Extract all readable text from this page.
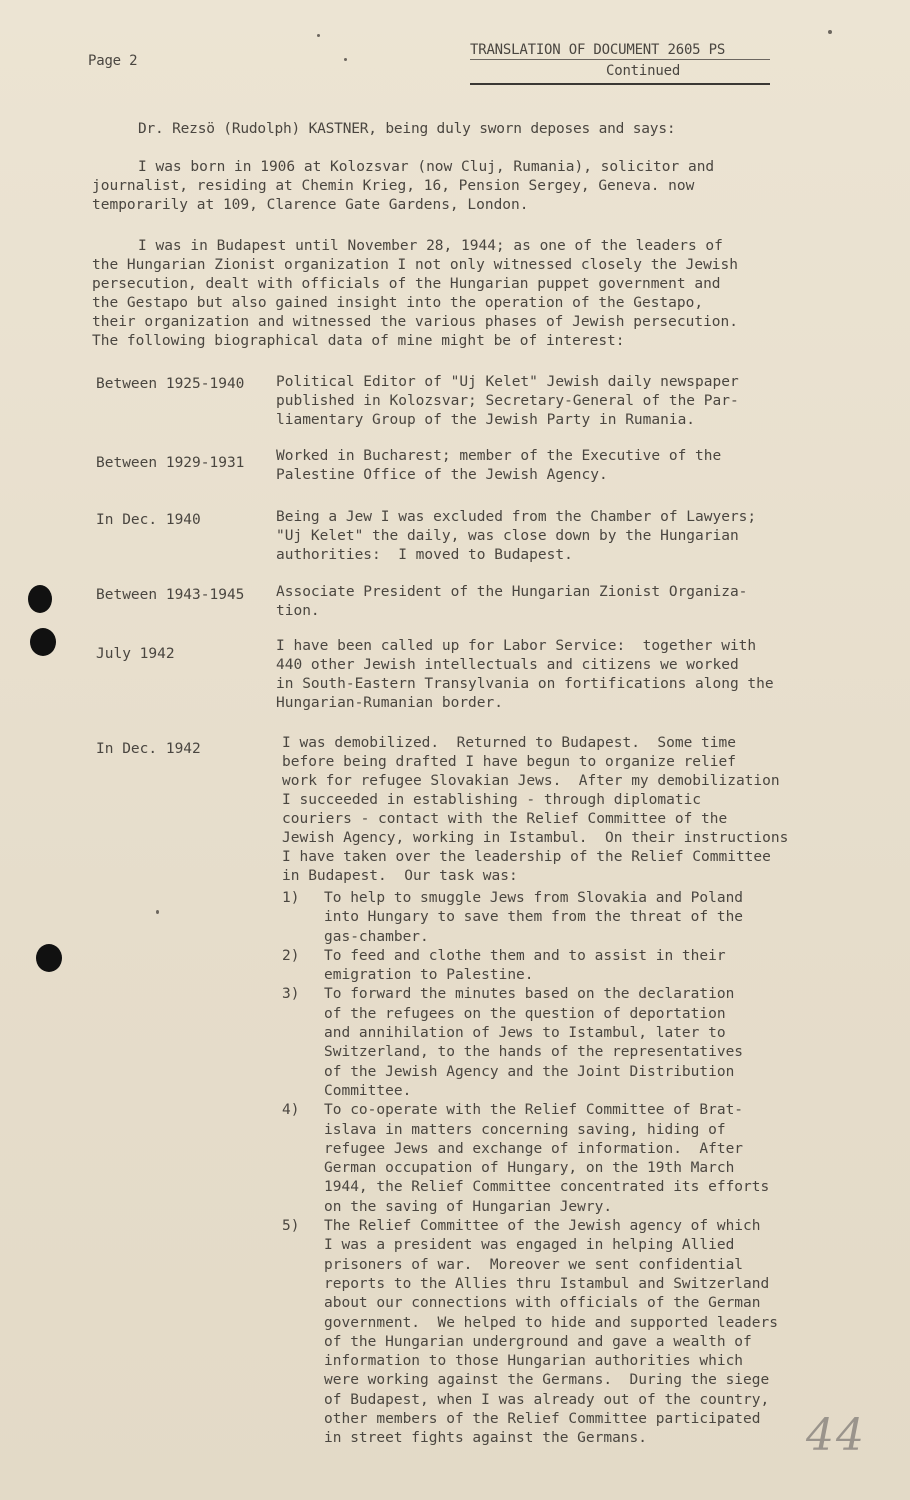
Page 2
TRANSLATION OF DOCUMENT 2605 PS
Continued
Dr. Rezsö (Rudolph) KASTNER, being duly sworn deposes and says:
I was born in 1906 at Kolozsvar (now Cluj, Rumania), solicitor and
journalist, residing at Chemin Krieg, 16, Pension Sergey, Geneva. now
temporarily at 109, Clarence Gate Gardens, London.
I was in Budapest until November 28, 1944; as one of the leaders of
the Hungarian Zionist organization I not only witnessed closely the Jewish
persecution, dealt with officials of the Hungarian puppet government and
the Gestapo but also gained insight into the operation of the Gestapo,
their organization and witnessed the various phases of Jewish persecution.
The following biographical data of mine might be of interest:
Between 1925-1940 Political Editor of "Uj Kelet" Jewish daily newspaper
published in Kolozsvar; Secretary-General of the Par-
liamentary Group of the Jewish Party in Rumania.
Between 1929-1931 Worked in Bucharest; member of the Executive of the
Palestine Office of the Jewish Agency.
In Dec. 1940	Being a Jew I was excluded from the Chamber of Lawyers;
"Uj Kelet" the daily, was close down by the Hungarian
authorities:  I moved to Budapest.
Between 1943-1945 Associate President of the Hungarian Zionist Organiza-
tion.
July 1942	I have been called up for Labor Service:  together with
440 other Jewish intellectuals and citizens we worked
in South-Eastern Transylvania on fortifications along the
Hungarian-Rumanian border.
In Dec. 1942	I was demobilized.  Returned to Budapest.  Some time
before being drafted I have begun to organize relief
work for refugee Slovakian Jews.  After my demobilization
I succeeded in establishing - through diplomatic
couriers - contact with the Relief Committee of the
Jewish Agency, working in Istambul.  On their instructions
I have taken over the leadership of the Relief Committee
in Budapest.  Our task was:
1) To help to smuggle Jews from Slovakia and Poland
into Hungary to save them from the threat of the
gas-chamber.
2) To feed and clothe them and to assist in their
emigration to Palestine.
3) To forward the minutes based on the declaration
of the refugees on the question of deportation
and annihilation of Jews to Istambul, later to
Switzerland, to the hands of the representatives
of the Jewish Agency and the Joint Distribution
Committee.
4) To co-operate with the Relief Committee of Brat-
islava in matters concerning saving, hiding of
refugee Jews and exchange of information.  After
German occupation of Hungary, on the 19th March
1944, the Relief Committee concentrated its efforts
on the saving of Hungarian Jewry.
5) The Relief Committee of the Jewish agency of which
I was a president was engaged in helping Allied
prisoners of war.  Moreover we sent confidential
reports to the Allies thru Istambul and Switzerland
about our connections with officials of the German
government.  We helped to hide and supported leaders
of the Hungarian underground and gave a wealth of
information to those Hungarian authorities which
were working against the Germans.  During the siege
of Budapest, when I was already out of the country,
other members of the Relief Committee participated
in street fights against the Germans.	44
